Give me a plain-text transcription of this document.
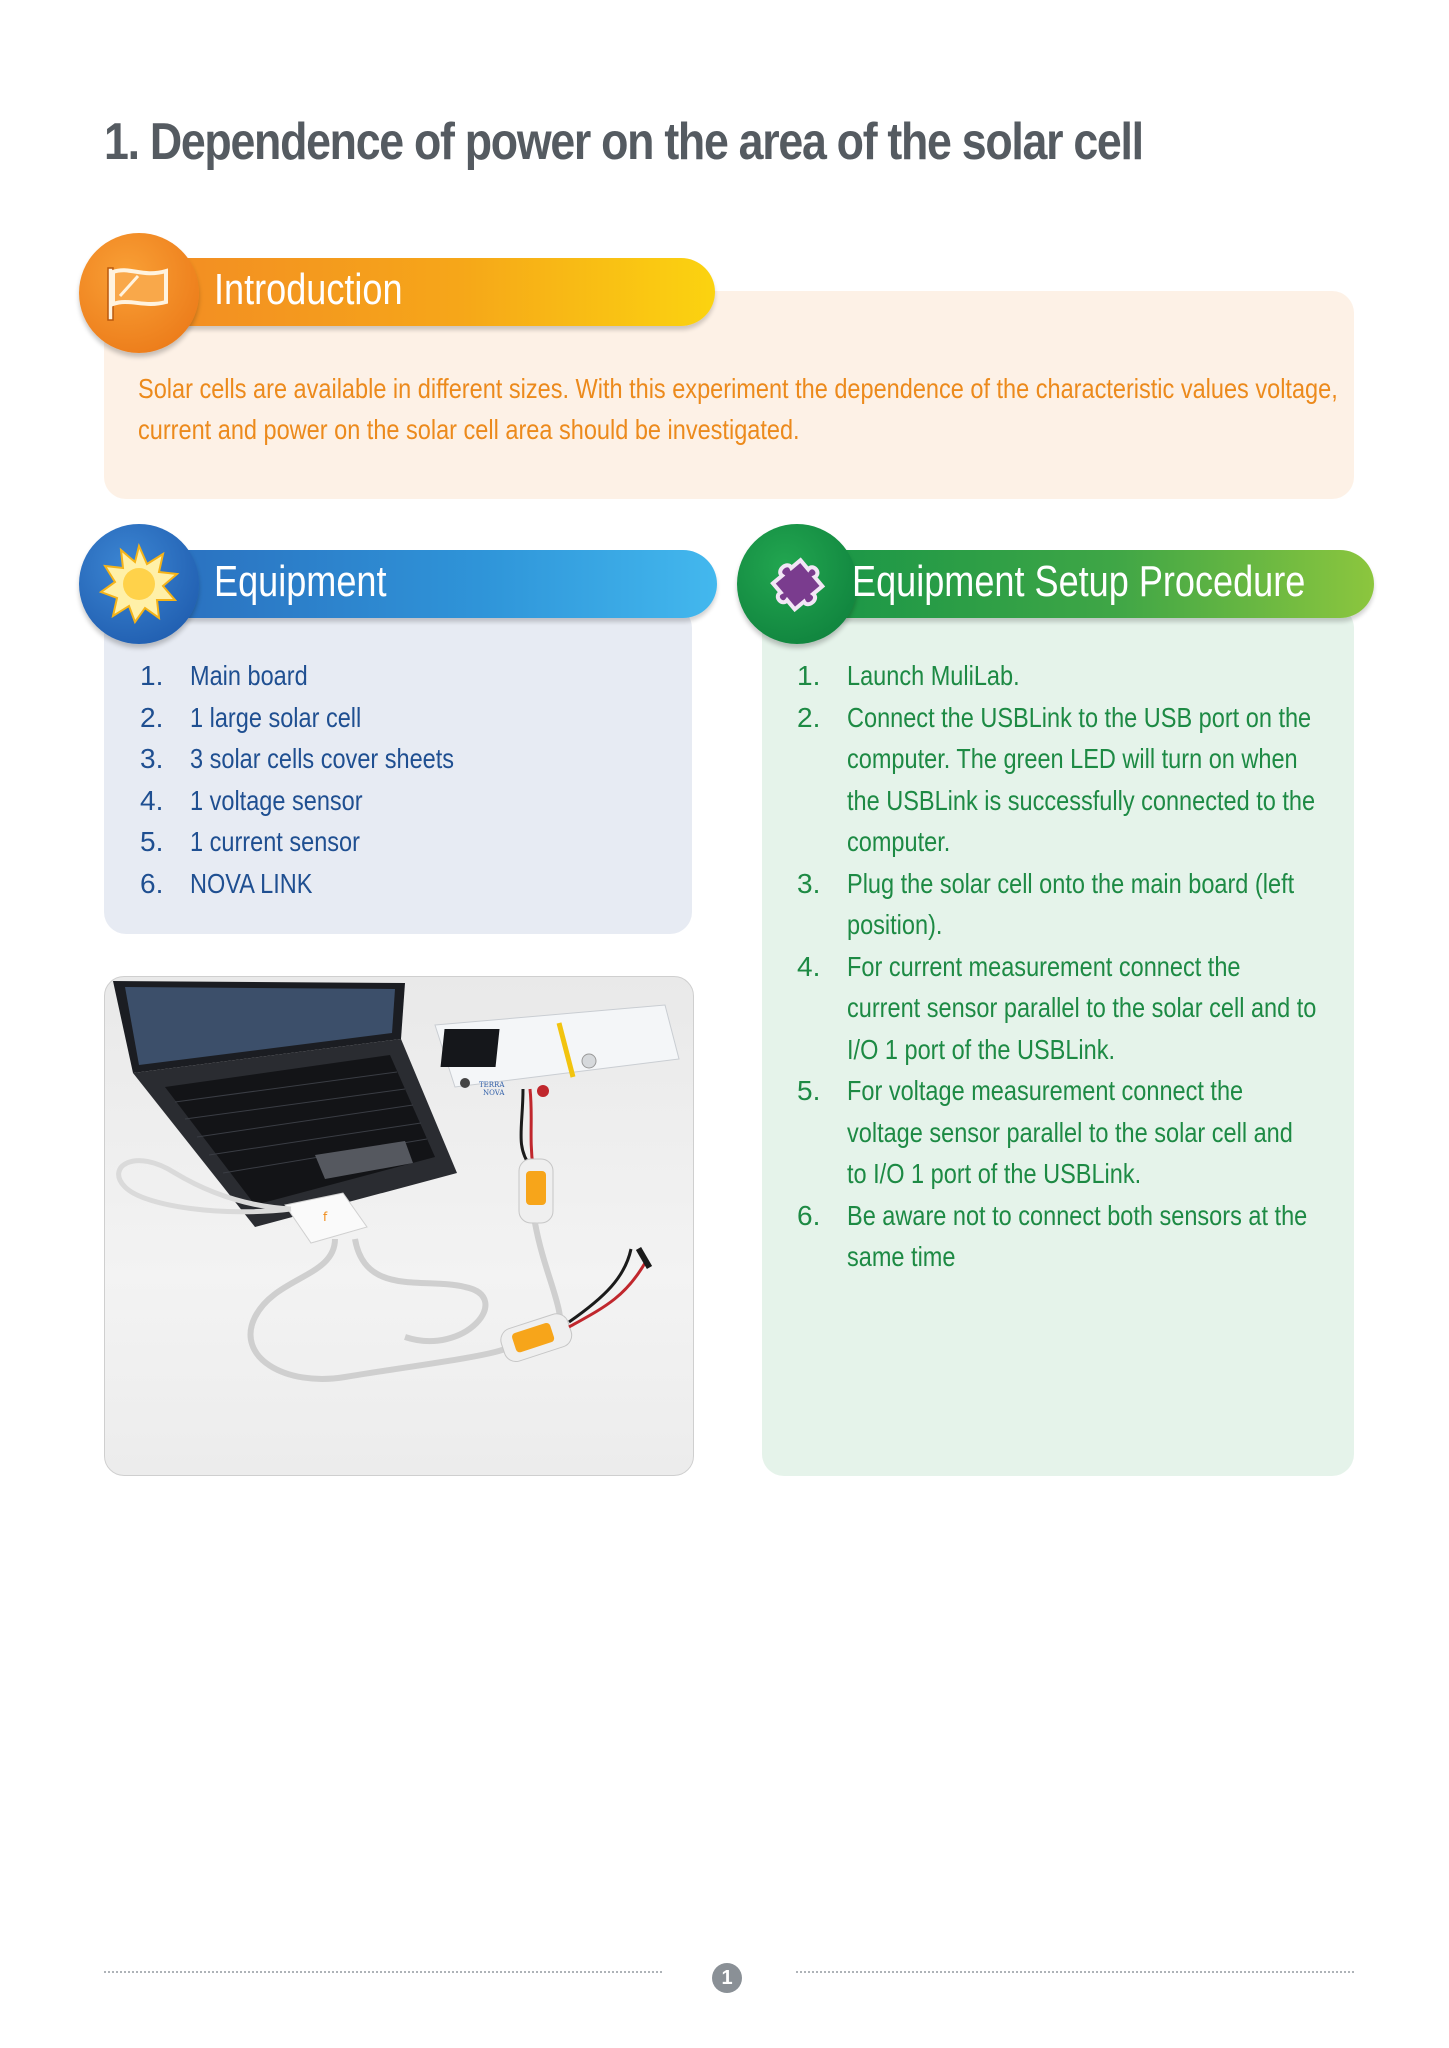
1. Dependence of power on the area of the solar cell
Introduction

Solar cells are available in different sizes. With this experiment the dependence of the characteristic values voltage,

current and power on the solar cell area should be investigated.

Equipment
1. Main board
2. 1 large solar cell
3. 3 solar cells cover sheets
4. 1 voltage sensor
5. 1 current sensor
6. NOVA LINK
Equipment Setup Procedure
1. Launch MuliLab.
2. Connect the USBLink to the USB port on the computer. The green LED will turn on when the USBLink is successfully connected to the computer.
3. Plug the solar cell onto the main board (left position).
4. For current measurement connect the current sensor parallel to the solar cell and to I/O 1 port of the USBLink.
5. For voltage measurement connect the voltage sensor parallel to the solar cell and to I/O 1 port of the USBLink.
6. Be aware not to connect both sensors at the same time
TERRA
NOVA
f
1
